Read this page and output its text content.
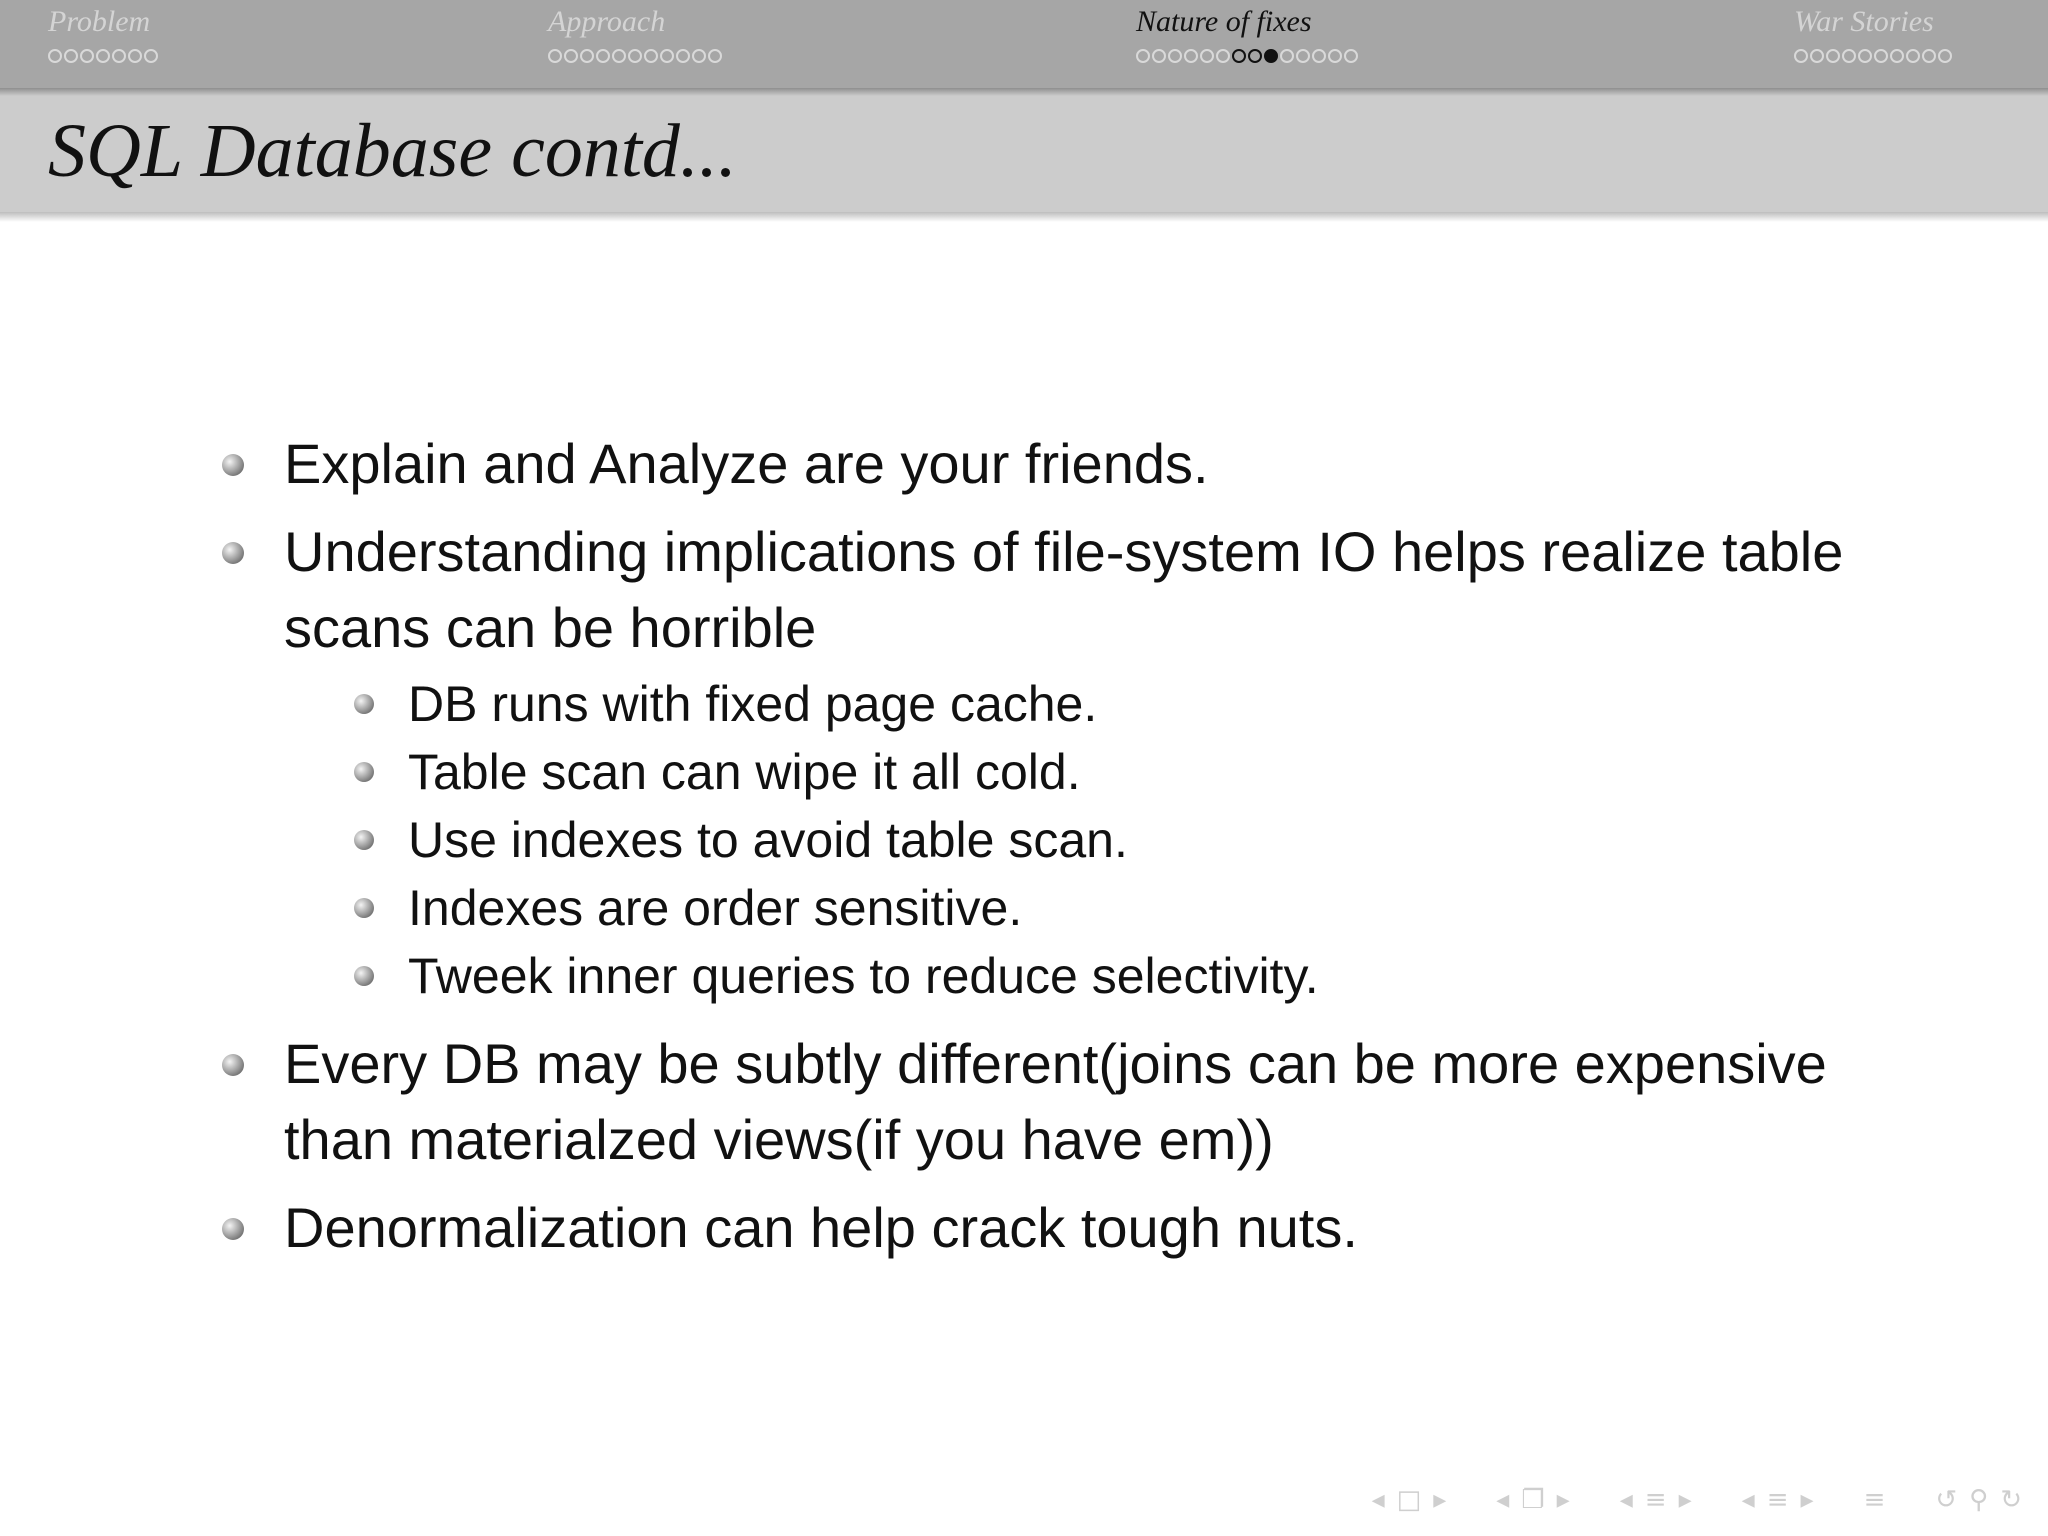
Problem	Approach	Nature of fixes	War Stories
SQL Database contd...
Explain and Analyze are your friends.
Understanding implications of file-system IO helps realize table scans can be horrible
DB runs with fixed page cache.
Table scan can wipe it all cold.
Use indexes to avoid table scan.
Indexes are order sensitive.
Tweek inner queries to reduce selectivity.
Every DB may be subtly different(joins can be more expensive than materialzed views(if you have em))
Denormalization can help crack tough nuts.
◂ □ ▸ ◂ ❐ ▸ ◂ ≡ ▸ ◂ ≡ ▸ ≡ ↺ ⚲ ↻
